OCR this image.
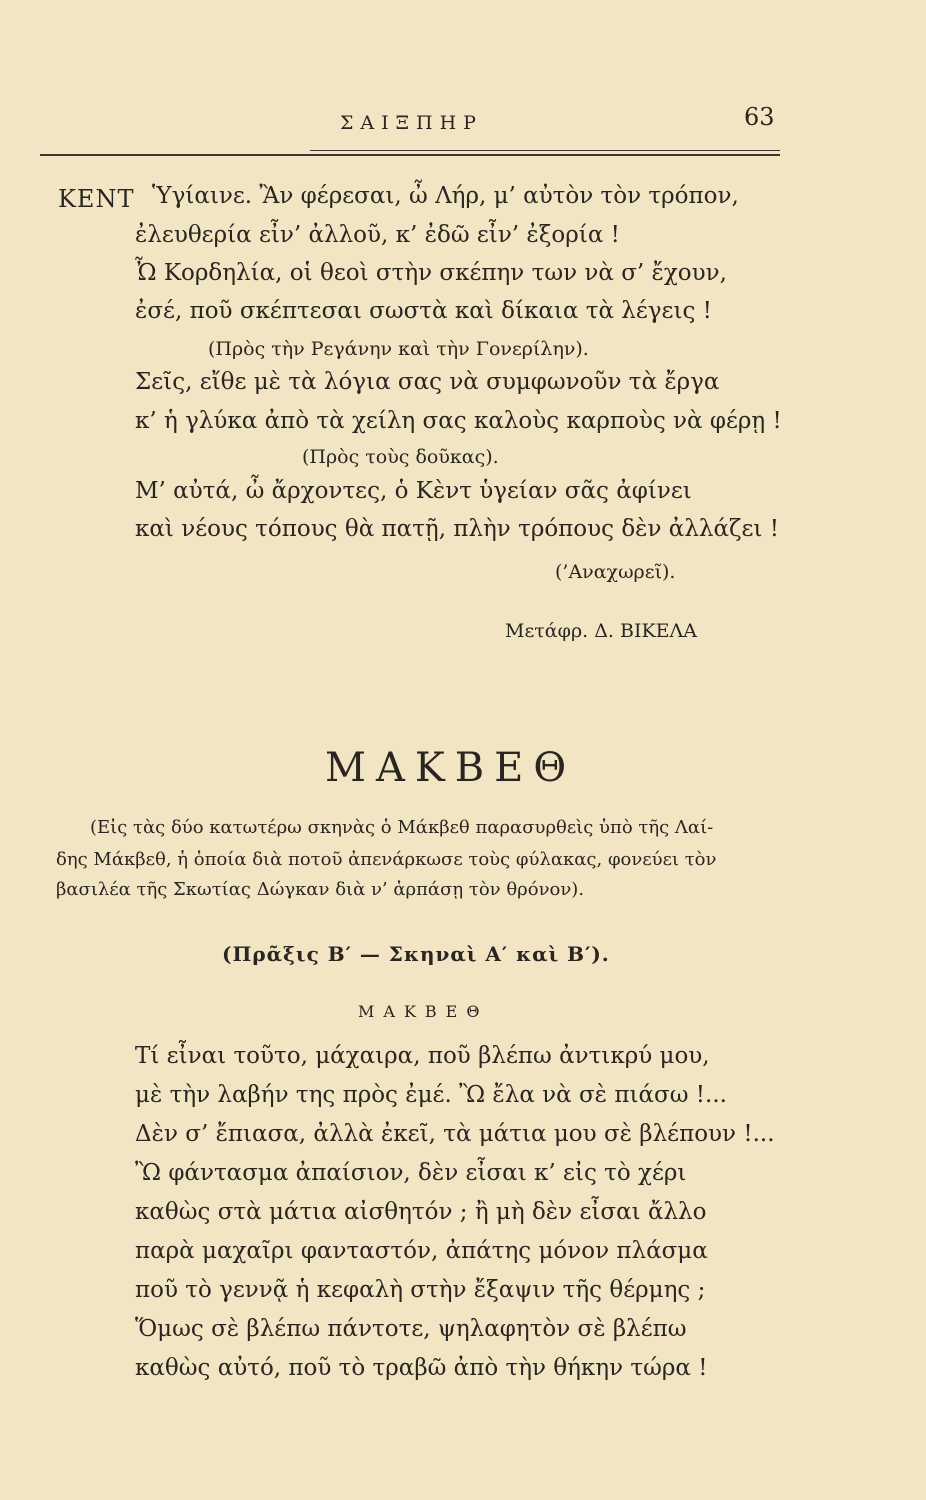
ΣΑΙΞΠΗΡ	63
ΚΕΝΤ Ὑγίαινε. Ἂν φέρεσαι, ὦ Λήρ, μ’ αὐτὸν τὸν τρόπον,
ἐλευθερία εἶν’ ἀλλοῦ, κ’ ἐδῶ εἶν’ ἐξορία !
Ὦ Κορδηλία, οἱ θεοὶ στὴν σκέπην των νὰ σ’ ἔχουν,
ἐσέ, ποῦ σκέπτεσαι σωστὰ καὶ δίκαια τὰ λέγεις !
(Πρὸς τὴν Ρεγάνην καὶ τὴν Γονερίλην).
Σεῖς, εἴθε μὲ τὰ λόγια σας νὰ συμφωνοῦν τὰ ἔργα
κ’ ἡ γλύκα ἀπὸ τὰ χείλη σας καλοὺς καρποὺς νὰ φέρῃ !
(Πρὸς τοὺς δοῦκας).
Μ’ αὐτά, ὦ ἄρχοντες, ὁ Κὲντ ὑγείαν σᾶς ἀφίνει
καὶ νέους τόπους θὰ πατῇ, πλὴν τρόπους δὲν ἀλλάζει !
(’Αναχωρεῖ).
Μετάφρ. Δ. ΒΙΚΕΛΑ
ΜΑΚΒΕΘ
(Εἰς τὰς δύο κατωτέρω σκηνὰς ὁ Μάκβεθ παρασυρθεὶς ὑπὸ τῆς Λαί-
δης Μάκβεθ, ἡ ὁποία διὰ ποτοῦ ἀπενάρκωσε τοὺς φύλακας, φονεύει τὸν
βασιλέα τῆς Σκωτίας Δώγκαν διὰ ν’ ἁρπάσῃ τὸν θρόνον).
(Πρᾶξις Β′ — Σκηναὶ Α′ καὶ Β′).
ΜΑΚΒΕΘ
Τί εἶναι τοῦτο, μάχαιρα, ποῦ βλέπω ἀντικρύ μου,
μὲ τὴν λαβήν της πρὸς ἐμέ. Ὢ ἔλα νὰ σὲ πιάσω !...
Δὲν σ’ ἔπιασα, ἀλλὰ ἐκεῖ, τὰ μάτια μου σὲ βλέπουν !...
Ὢ φάντασμα ἀπαίσιον, δὲν εἶσαι κ’ εἰς τὸ χέρι
καθὼς στὰ μάτια αἰσθητόν ; ἢ μὴ δὲν εἶσαι ἄλλο
παρὰ μαχαῖρι φανταστόν, ἀπάτης μόνον πλάσμα
ποῦ τὸ γεννᾷ ἡ κεφαλὴ στὴν ἔξαψιν τῆς θέρμης ;
Ὅμως σὲ βλέπω πάντοτε, ψηλαφητὸν σὲ βλέπω
καθὼς αὐτό, ποῦ τὸ τραβῶ ἀπὸ τὴν θήκην τώρα !
